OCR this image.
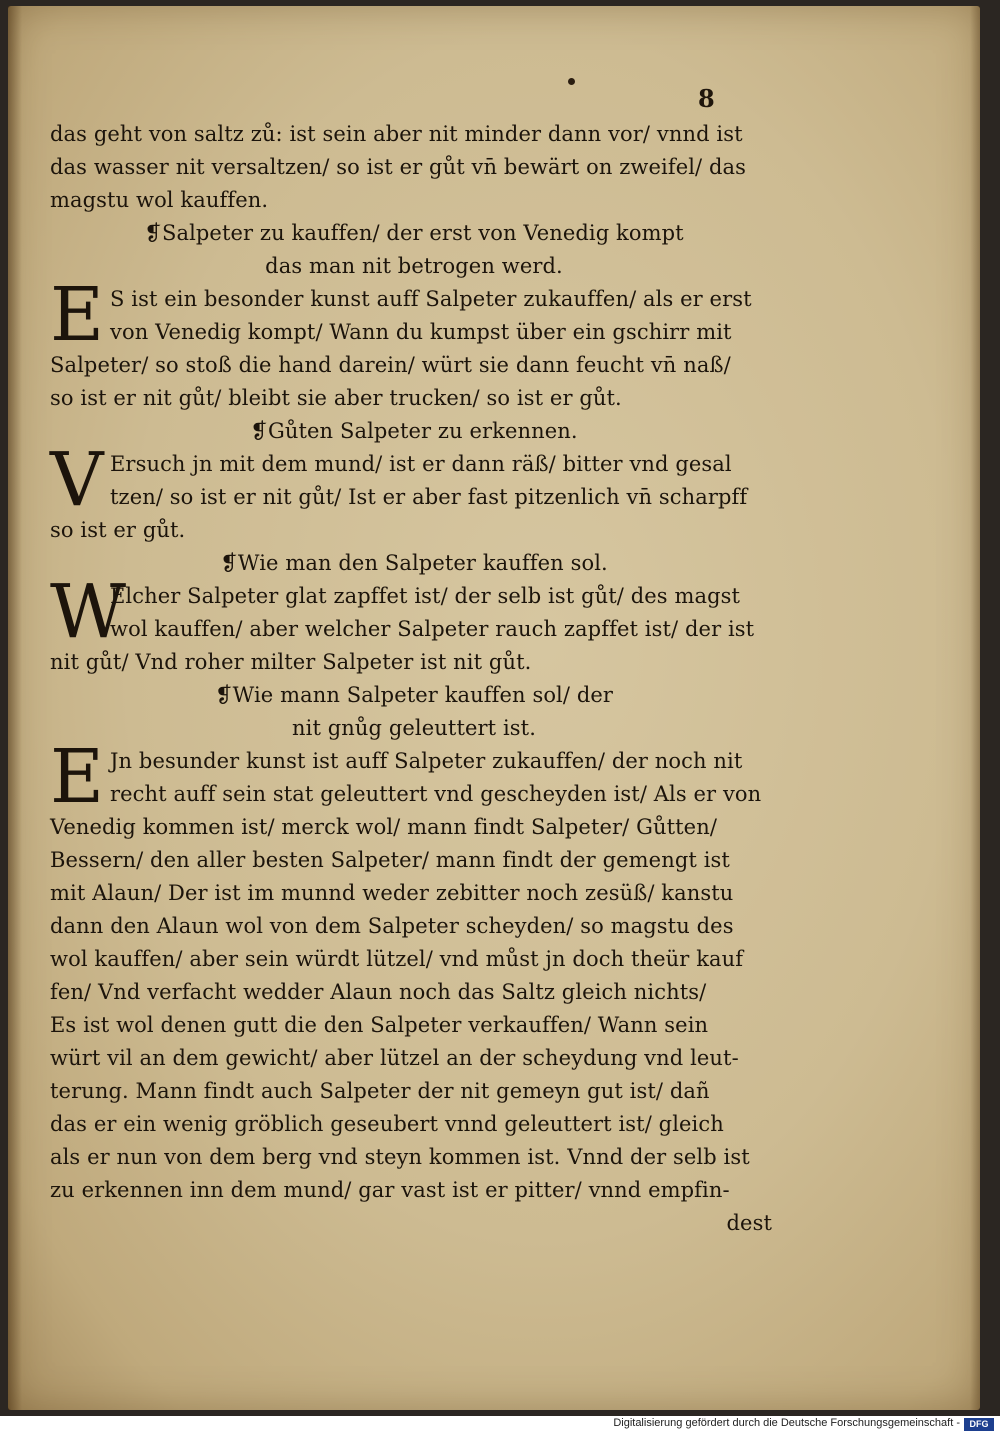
8
das geht von saltz zů: ist sein aber nit minder dann vor/ vnnd ist
das wasser nit versaltzen/ so ist er gůt vn̄ bewärt on zweifel/ das
magstu wol kauffen.
❡Salpeter zu kauffen/ der erst von Venedig kompt
das man nit betrogen werd.
E S ist ein besonder kunst auff Salpeter zukauffen/ als er erst
von Venedig kompt/ Wann du kumpst über ein gschirr mit
Salpeter/ so stoß die hand darein/ würt sie dann feucht vn̄ naß/
so ist er nit gůt/ bleibt sie aber trucken/ so ist er gůt.
❡Gůten Salpeter zu erkennen.
V Ersuch jn mit dem mund/ ist er dann räß/ bitter vnd gesal
tzen/ so ist er nit gůt/ Ist er aber fast pitzenlich vn̄ scharpff
so ist er gůt.
❡Wie man den Salpeter kauffen sol.
W
Elcher Salpeter glat zapffet ist/ der selb ist gůt/ des magst
wol kauffen/ aber welcher Salpeter rauch zapffet ist/ der ist
nit gůt/ Vnd roher milter Salpeter ist nit gůt.
❡Wie mann Salpeter kauffen sol/ der
nit gnůg geleuttert ist.
E Jn besunder kunst ist auff Salpeter zukauffen/ der noch nit
recht auff sein stat geleuttert vnd gescheyden ist/ Als er von
Venedig kommen ist/ merck wol/ mann findt Salpeter/ Gůtten/
Bessern/ den aller besten Salpeter/ mann findt der gemengt ist
mit Alaun/ Der ist im munnd weder zebitter noch zesüß/ kanstu
dann den Alaun wol von dem Salpeter scheyden/ so magstu des
wol kauffen/ aber sein würdt lützel/ vnd můst jn doch theür kauf
fen/ Vnd verfacht wedder Alaun noch das Saltz gleich nichts/
Es ist wol denen gutt die den Salpeter verkauffen/ Wann sein
würt vil an dem gewicht/ aber lützel an der scheydung vnd leut-
terung. Mann findt auch Salpeter der nit gemeyn gut ist/ dañ
das er ein wenig gröblich geseubert vnnd geleuttert ist/ gleich
als er nun von dem berg vnd steyn kommen ist. Vnnd der selb ist
zu erkennen inn dem mund/ gar vast ist er pitter/ vnnd empfin-
dest
Digitalisierung gefördert durch die Deutsche Forschungsgemeinschaft -	DFG
